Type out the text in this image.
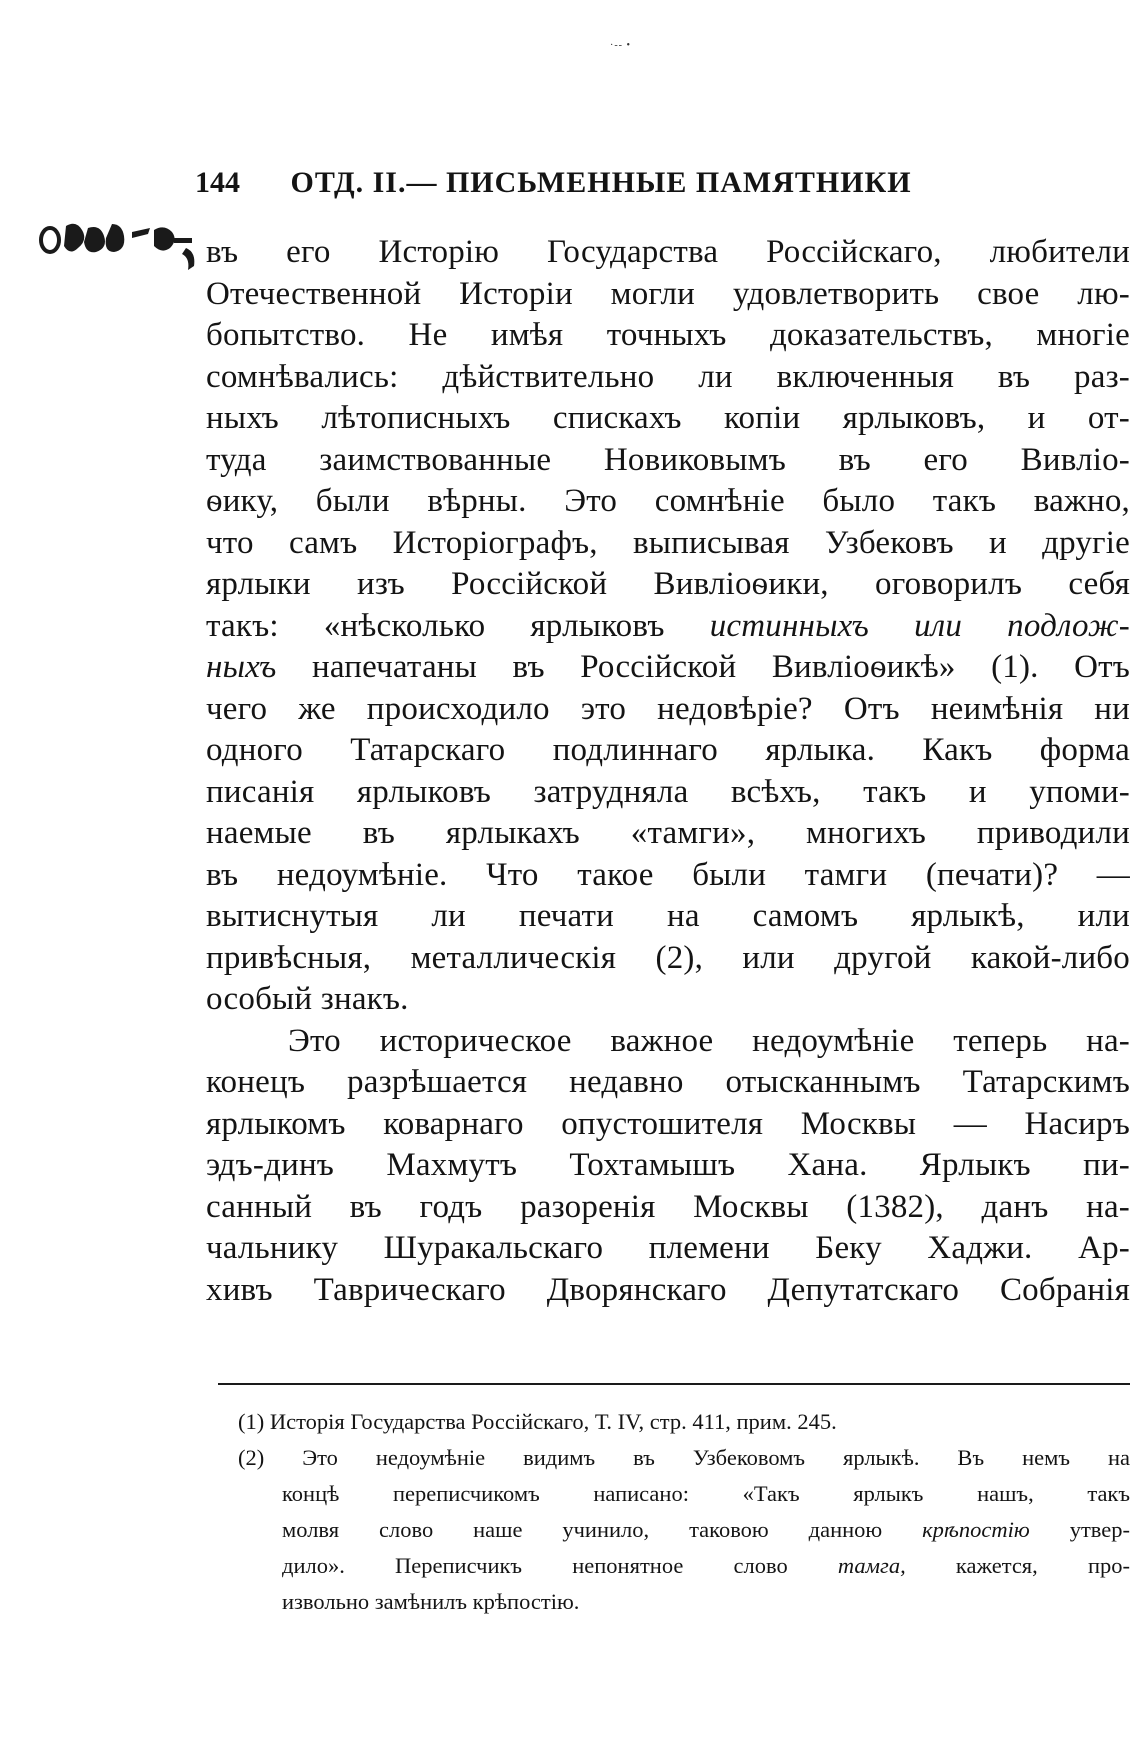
·-- •
144 ОТД. II.— ПИСЬМЕННЫЕ ПАМЯТНИКИ
въ его Исторію Государства Россійскаго, любители
Отечественной Исторіи могли удовлетворить свое лю-
бопытство. Не имѣя точныхъ доказательствъ, многіе
сомнѣвались: дѣйствительно ли включенныя въ раз-
ныхъ лѣтописныхъ спискахъ копіи ярлыковъ, и от-
туда заимствованные Новиковымъ въ его Вивліо-
ѳику, были вѣрны. Это сомнѣніе было такъ важно,
что самъ Исторіографъ, выписывая Узбековъ и другіе
ярлыки изъ Россійской Вивліоѳики, оговорилъ себя
такъ: «нѣсколько ярлыковъ истинныхъ или подлож-
ныхъ напечатаны въ Россійской Вивліоѳикѣ» (1). Отъ
чего же происходило это недовѣріе? Отъ неимѣнія ни
одного Татарскаго подлиннаго ярлыка. Какъ форма
писанія ярлыковъ затрудняла всѣхъ, такъ и упоми-
наемые въ ярлыкахъ «тамги», многихъ приводили
въ недоумѣніе. Что такое были тамги (печати)? —
вытиснутыя ли печати на самомъ ярлыкѣ, или
привѣсныя, металлическія (2), или другой какой-либо
особый знакъ.
Это историческое важное недоумѣніе теперь на-
конецъ разрѣшается недавно отысканнымъ Татарскимъ
ярлыкомъ коварнаго опустошителя Москвы — Насиръ
эдъ-динъ Махмутъ Тохтамышъ Хана. Ярлыкъ пи-
санный въ годъ разоренія Москвы (1382), данъ на-
чальнику Шуракальскаго племени Беку Хаджи. Ар-
хивъ Таврическаго Дворянскаго Депутатскаго Собранія
(1) Исторія Государства Россійскаго, Т. IV, стр. 411, прим. 245.
(2) Это недоумѣніе видимъ въ Узбековомъ ярлыкѣ. Въ немъ на
концѣ переписчикомъ написано: «Такъ ярлыкъ нашъ, такъ
молвя слово наше учинило, таковою данною крѣпостію утвер-
дило». Переписчикъ непонятное слово тамга, кажется, про-
извольно замѣнилъ крѣпостію.
